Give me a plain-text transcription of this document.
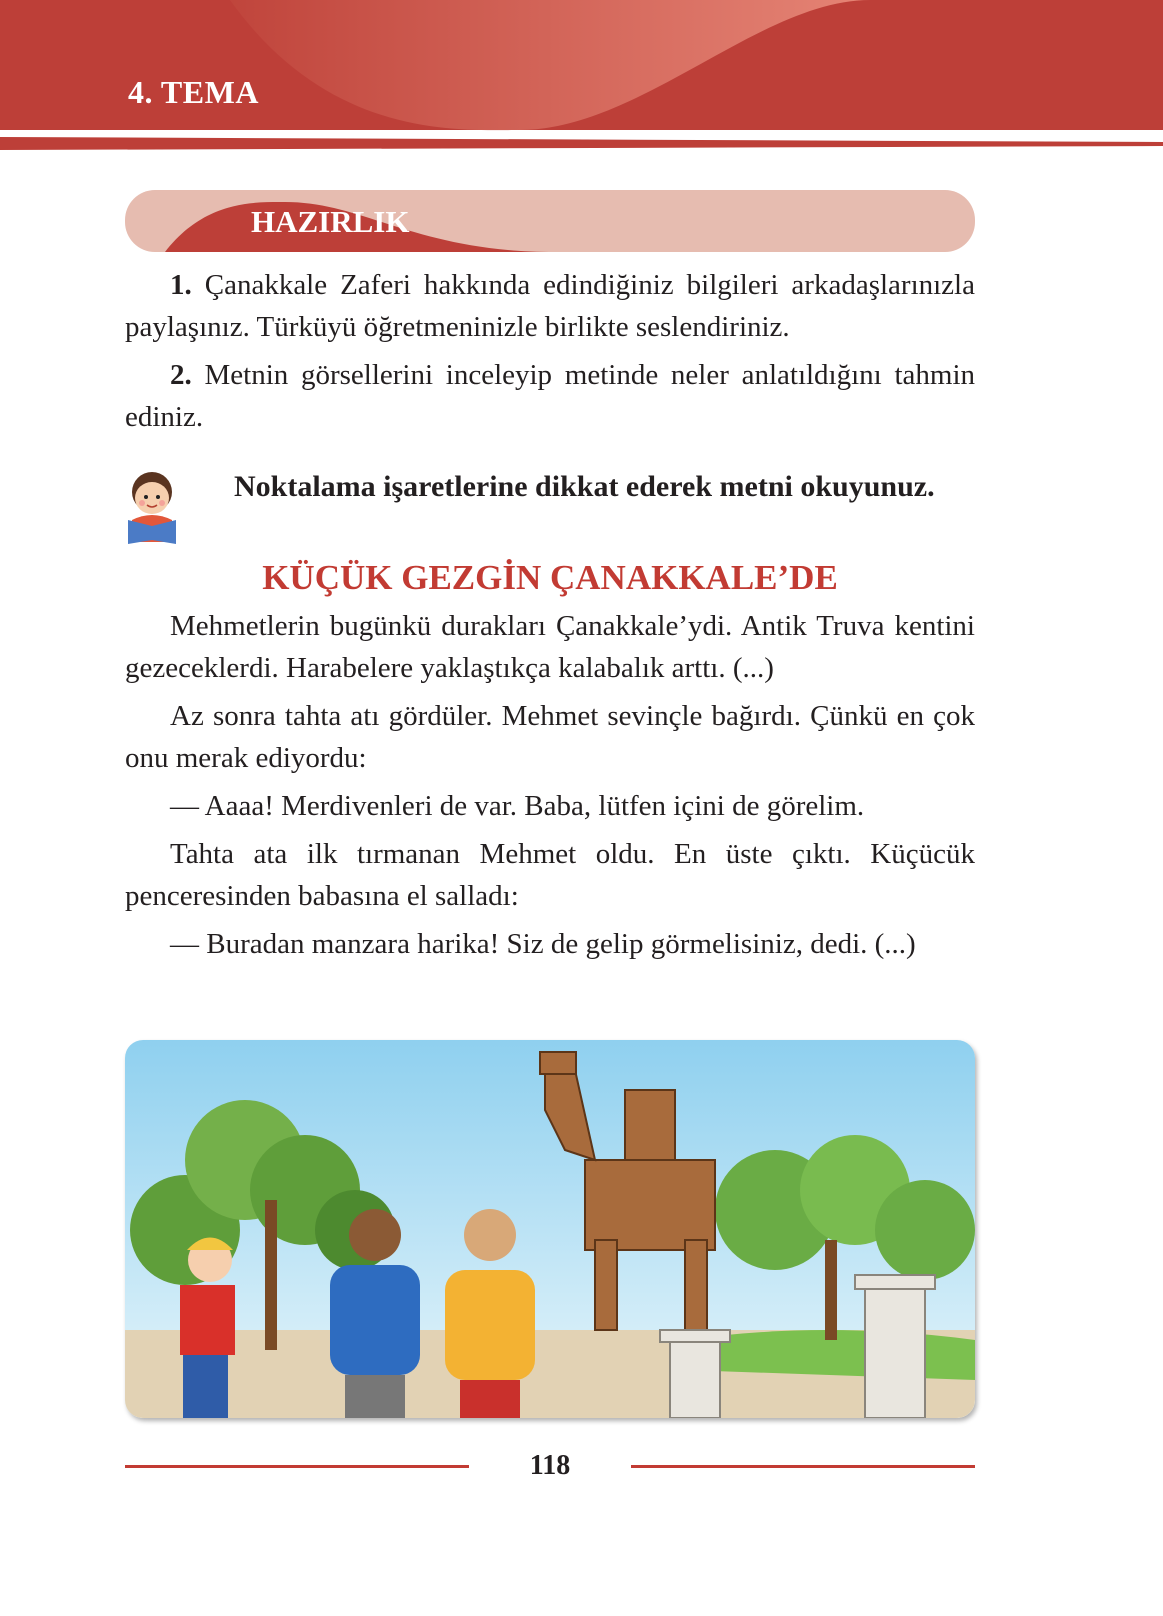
4. TEMA
HAZIRLIK

1. Çanakkale Zaferi hakkında edindiğiniz bilgileri arkadaşlarınızla paylaşınız. Türküyü öğretmeninizle birlikte seslendiriniz.

2. Metnin görsellerini inceleyip metinde neler anlatıldığını tahmin ediniz.

Noktalama işaretlerine dikkat ederek metni okuyunuz.
KÜÇÜK GEZGİN ÇANAKKALE’DE

Mehmetlerin bugünkü durakları Çanakkale’ydi. Antik Truva kentini gezeceklerdi. Harabelere yaklaştıkça kalabalık arttı. (...)

Az sonra tahta atı gördüler. Mehmet sevinçle bağırdı. Çünkü en çok onu merak ediyordu:

— Aaaa! Merdivenleri de var. Baba, lütfen içini de görelim.

Tahta ata ilk tırmanan Mehmet oldu. En üste çıktı. Küçücük penceresinden babasına el salladı:

— Buradan manzara harika! Siz de gelip görmelisiniz, dedi. (...)

118
